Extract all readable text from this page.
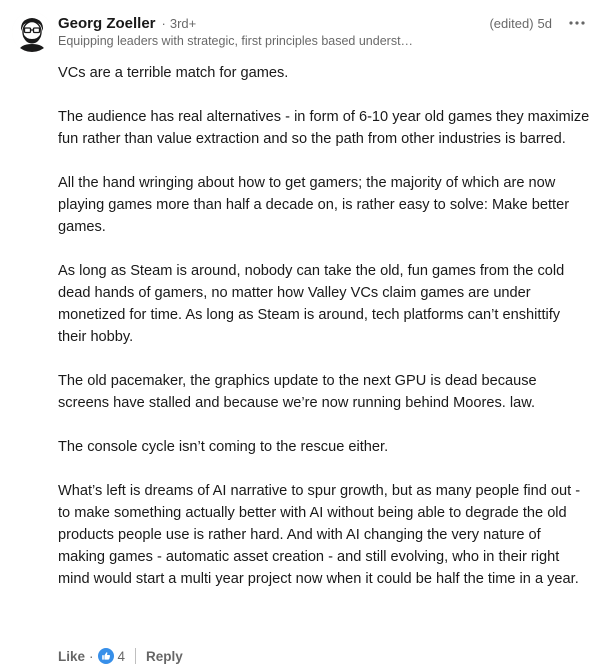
Georg Zoeller · 3rd+	(edited) 5d
Equipping leaders with strategic, first principles based underst…

VCs are a terrible match for games.

The audience has real alternatives - in form of 6-10 year old games they maximize fun rather than value extraction and so the path from other industries is barred.

All the hand wringing about how to get gamers; the majority of which are now playing games more than half a decade on, is rather easy to solve: Make better games.

As long as Steam is around, nobody can take the old, fun games from the cold dead hands of gamers, no matter how Valley VCs claim games are under monetized for time. As long as Steam is around, tech platforms can’t enshittify their hobby.

The old pacemaker, the graphics update to the next GPU is dead because screens have stalled and because we’re now running behind Moores. law.

The console cycle isn’t coming to the rescue either.

What’s left is dreams of AI narrative to spur growth, but as many people find out - to make something actually better with AI without being able to degrade the old products people use is rather hard. And with AI changing the very nature of making games - automatic asset creation - and still evolving, who in their right mind would start a multi year project now when it could be half the time in a year.

Like · 4 Reply
